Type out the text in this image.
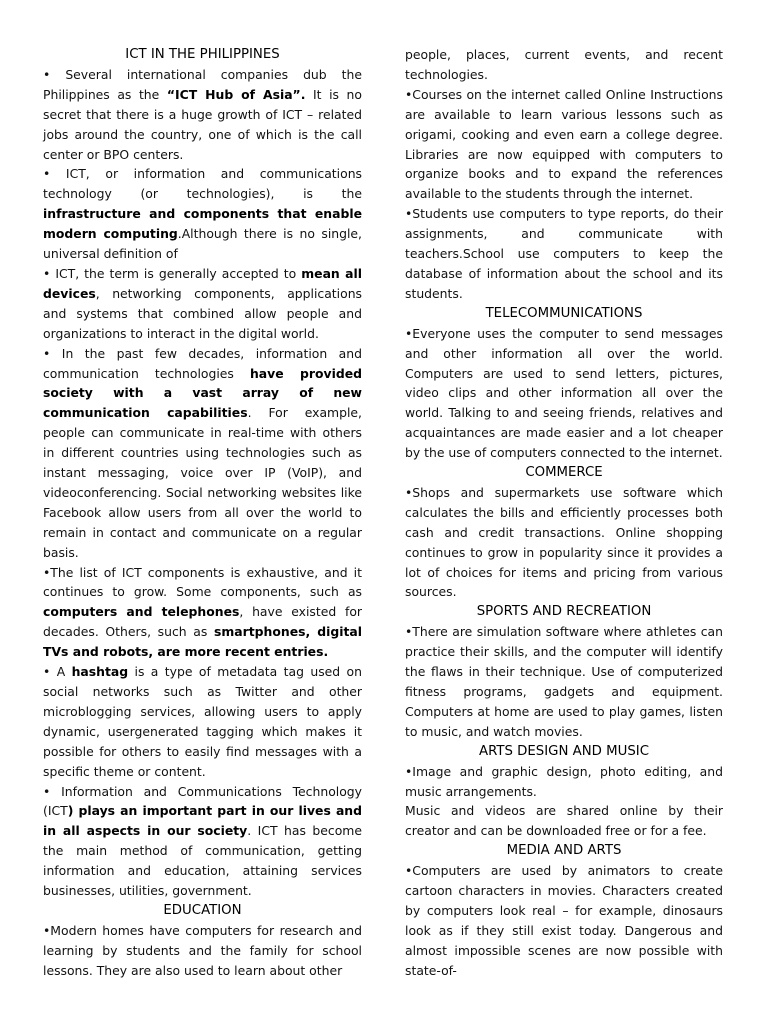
ICT IN THE PHILIPPINES

• Several international companies dub the Philippines as the “ICT Hub of Asia”. It is no secret that there is a huge growth of ICT – related jobs around the country, one of which is the call center or BPO centers.

• ICT, or information and communications technology (or technologies), is the infrastructure and components that enable modern computing.Although there is no single, universal definition of

• ICT, the term is generally accepted to mean all devices, networking components, applications and systems that combined allow people and organizations to interact in the digital world.

• In the past few decades, information and communication technologies have provided society with a vast array of new communication capabilities. For example, people can communicate in real-time with others in different countries using technologies such as instant messaging, voice over IP (VoIP), and videoconferencing. Social networking websites like Facebook allow users from all over the world to remain in contact and communicate on a regular basis.

•The list of ICT components is exhaustive, and it continues to grow. Some components, such as computers and telephones, have existed for decades. Others, such as smartphones, digital TVs and robots, are more recent entries.

• A hashtag is a type of metadata tag used on social networks such as Twitter and other microblogging services, allowing users to apply dynamic, usergenerated tagging which makes it possible for others to easily find messages with a specific theme or content.

• Information and Communications Technology (ICT) plays an important part in our lives and in all aspects in our society. ICT has become the main method of communication, getting information and education, attaining services businesses, utilities, government.

EDUCATION

•Modern homes have computers for research and learning by students and the family for school lessons. They are also used to learn about other

people, places, current events, and recent technologies.

•Courses on the internet called Online Instructions are available to learn various lessons such as origami, cooking and even earn a college degree. Libraries are now equipped with computers to organize books and to expand the references available to the students through the internet.

•Students use computers to type reports, do their assignments, and communicate with teachers.School use computers to keep the database of information about the school and its students.

TELECOMMUNICATIONS

•Everyone uses the computer to send messages and other information all over the world. Computers are used to send letters, pictures, video clips and other information all over the world. Talking to and seeing friends, relatives and acquaintances are made easier and a lot cheaper by the use of computers connected to the internet.

COMMERCE

•Shops and supermarkets use software which calculates the bills and efficiently processes both cash and credit transactions. Online shopping continues to grow in popularity since it provides a lot of choices for items and pricing from various sources.

SPORTS AND RECREATION

•There are simulation software where athletes can practice their skills, and the computer will identify the flaws in their technique. Use of computerized fitness programs, gadgets and equipment. Computers at home are used to play games, listen to music, and watch movies.

ARTS DESIGN AND MUSIC

•Image and graphic design, photo editing, and music arrangements.

Music and videos are shared online by their creator and can be downloaded free or for a fee.

MEDIA AND ARTS

•Computers are used by animators to create cartoon characters in movies. Characters created by computers look real – for example, dinosaurs look as if they still exist today. Dangerous and almost impossible scenes are now possible with state-of-
